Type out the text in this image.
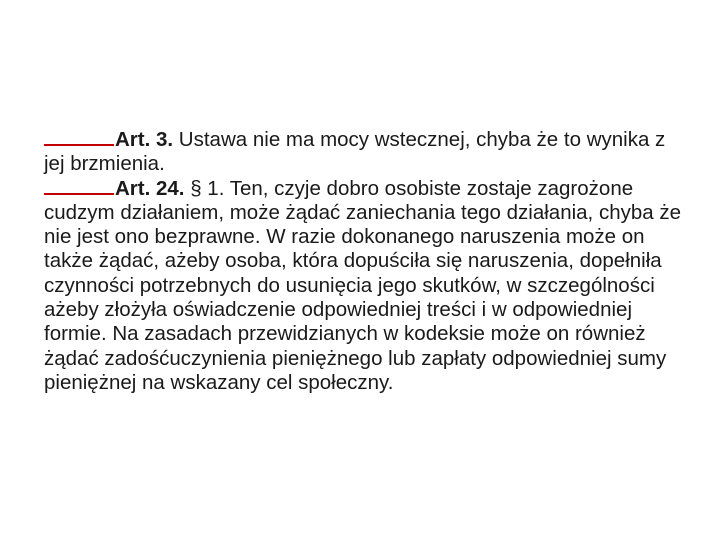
Art. 3. Ustawa nie ma mocy wstecznej, chyba że to wynika z jej brzmienia.

Art. 24. § 1. Ten, czyje dobro osobiste zostaje zagrożone cudzym działaniem, może żądać zaniechania tego działania, chyba że nie jest ono bezprawne. W razie dokonanego naruszenia może on także żądać, ażeby osoba, która dopuściła się naruszenia, dopełniła czynności potrzebnych do usunięcia jego skutków, w szczególności ażeby złożyła oświadczenie odpowiedniej treści i w odpowiedniej formie. Na zasadach przewidzianych w kodeksie może on również żądać zadośćuczynienia pieniężnego lub zapłaty odpowiedniej sumy pieniężnej na wskazany cel społeczny.
